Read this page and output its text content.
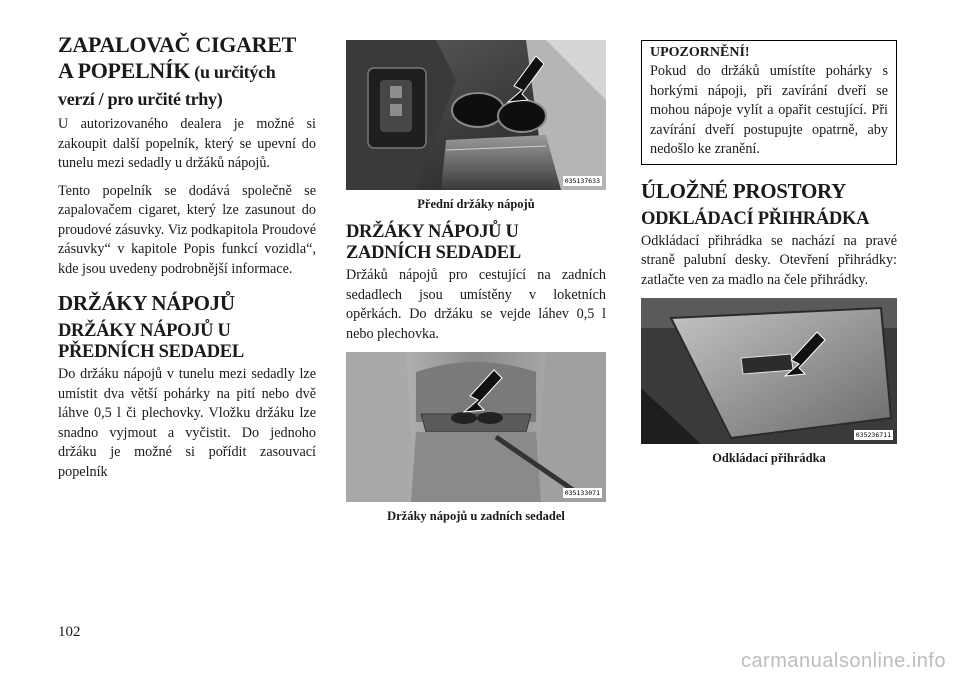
ZAPALOVAČ CIGARET
A POPELNÍK (u určitých
verzí / pro určité trhy)

U autorizovaného dealera je možné si zakoupit další popelník, který se upevní do tunelu mezi sedadly u držáků nápojů.

Tento popelník se dodává společně se zapalovačem cigaret, který lze zasunout do proudové zásuvky. Viz podkapitola Proudové zásuvky“ v kapitole Popis funkcí vozidla“, kde jsou uvedeny podrobnější informace.

DRŽÁKY NÁPOJŮ
DRŽÁKY NÁPOJŮ U
PŘEDNÍCH SEDADEL

Do držáku nápojů v tunelu mezi sedadly lze umístit dva větší pohárky na pití nebo dvě láhve 0,5 l či plechovky. Vložku držáku lze snadno vyjmout a vyčistit. Do jednoho držáku je možné si pořídit zasouvací popelník

035137633
Přední držáky nápojů
DRŽÁKY NÁPOJŮ U
ZADNÍCH SEDADEL

Držáků nápojů pro cestující na zadních sedadlech jsou umístěny v loketních opěrkách. Do držáku se vejde láhev 0,5 l nebo plechovka.

035133071
Držáky nápojů u zadních sedadel
UPOZORNĚNÍ!

Pokud do držáků umístíte pohárky s horkými nápoji, při zavírání dveří se mohou nápoje vylít a opařit cestující. Při zavírání dveří postupujte opatrně, aby nedošlo ke zranění.

ÚLOŽNÉ PROSTORY
ODKLÁDACÍ PŘIHRÁDKA

Odkládací přihrádka se nachází na pravé straně palubní desky. Otevření přihrádky: zatlačte ven za madlo na čele přihrádky.

035236711
Odkládací přihrádka
102
carmanualsonline.info
